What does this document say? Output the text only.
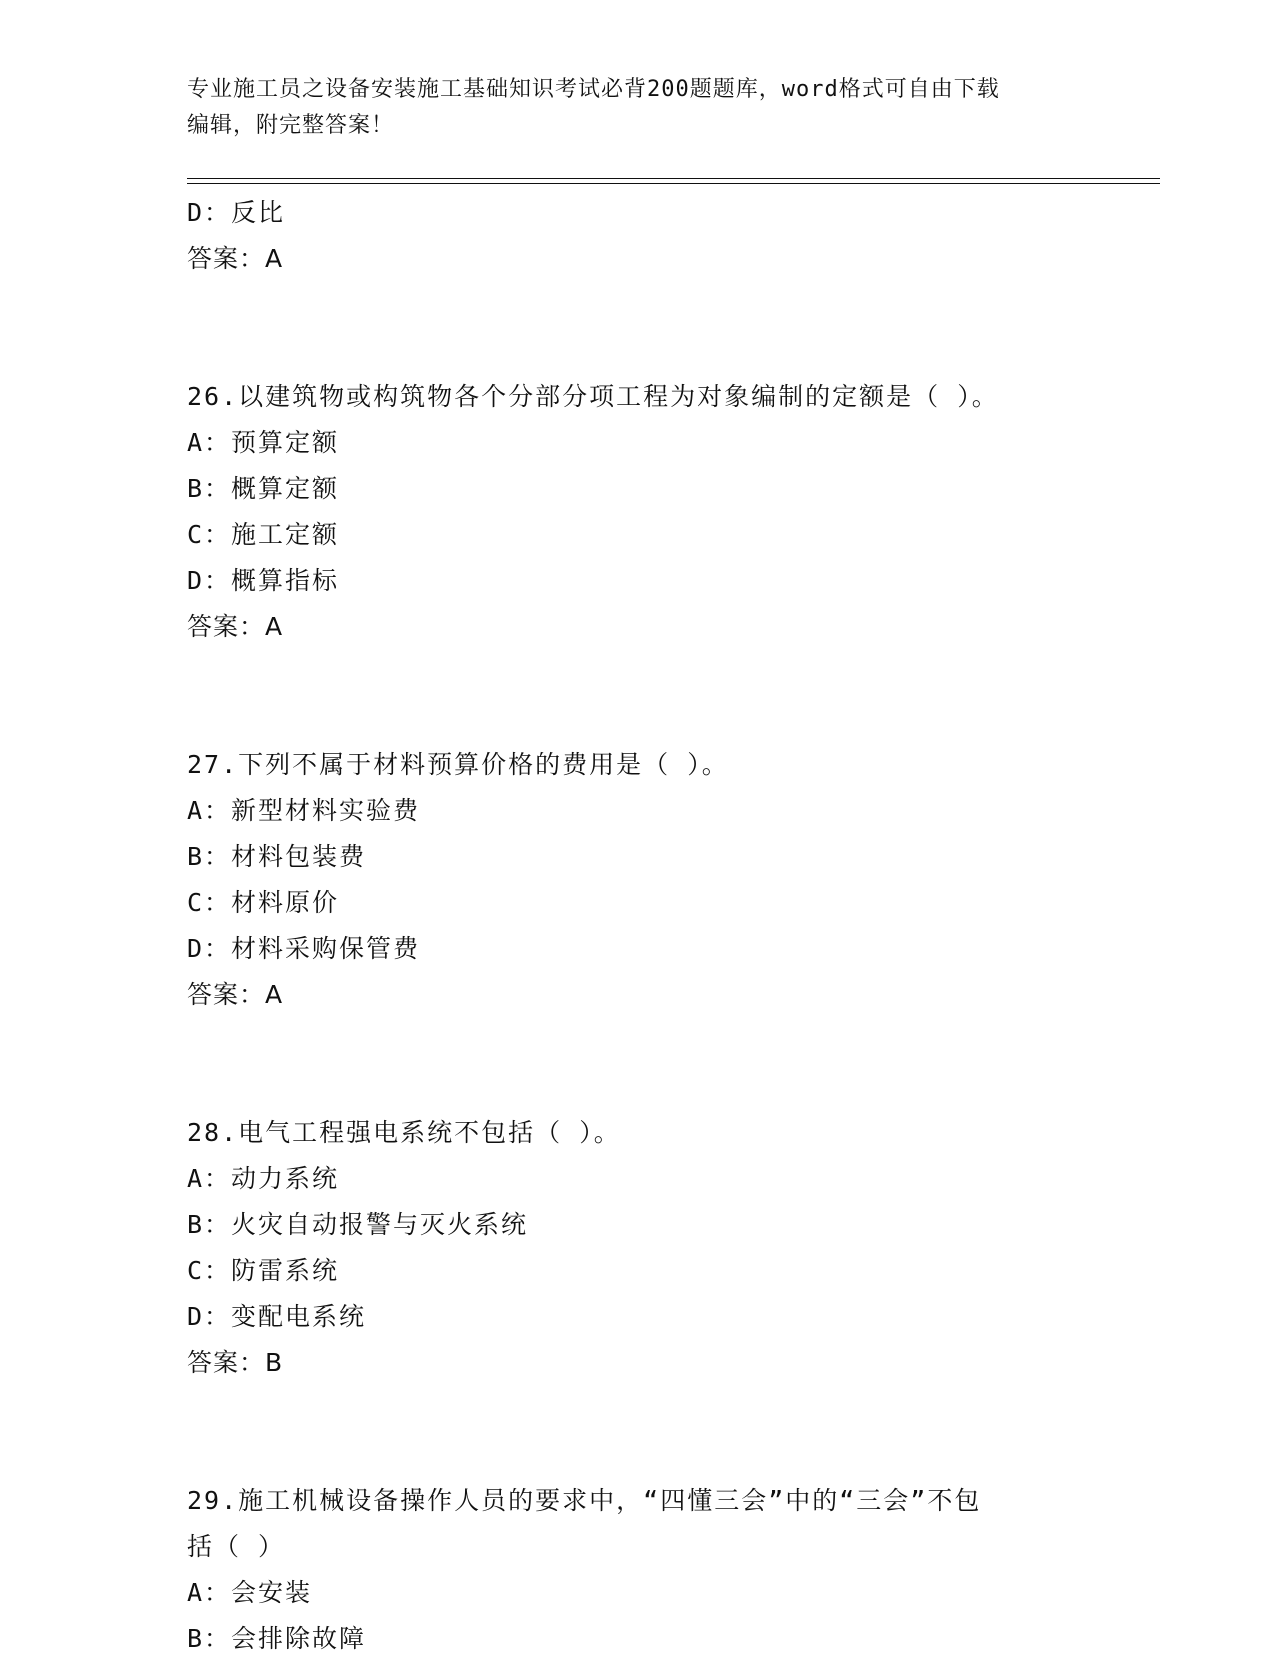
专业施工员之设备安装施工基础知识考试必背200题题库，word格式可自由下载
编辑，附完整答案！
D：反比
答案：A
26.以建筑物或构筑物各个分部分项工程为对象编制的定额是（ ）。
A：预算定额
B：概算定额
C：施工定额
D：概算指标
答案：A
27.下列不属于材料预算价格的费用是（ ）。
A：新型材料实验费
B：材料包装费
C：材料原价
D：材料采购保管费
答案：A
28.电气工程强电系统不包括（ ）。
A：动力系统
B：火灾自动报警与灭火系统
C：防雷系统
D：变配电系统
答案：B
29.施工机械设备操作人员的要求中，“四懂三会”中的“三会”不包
括（ ）
A：会安装
B：会排除故障
